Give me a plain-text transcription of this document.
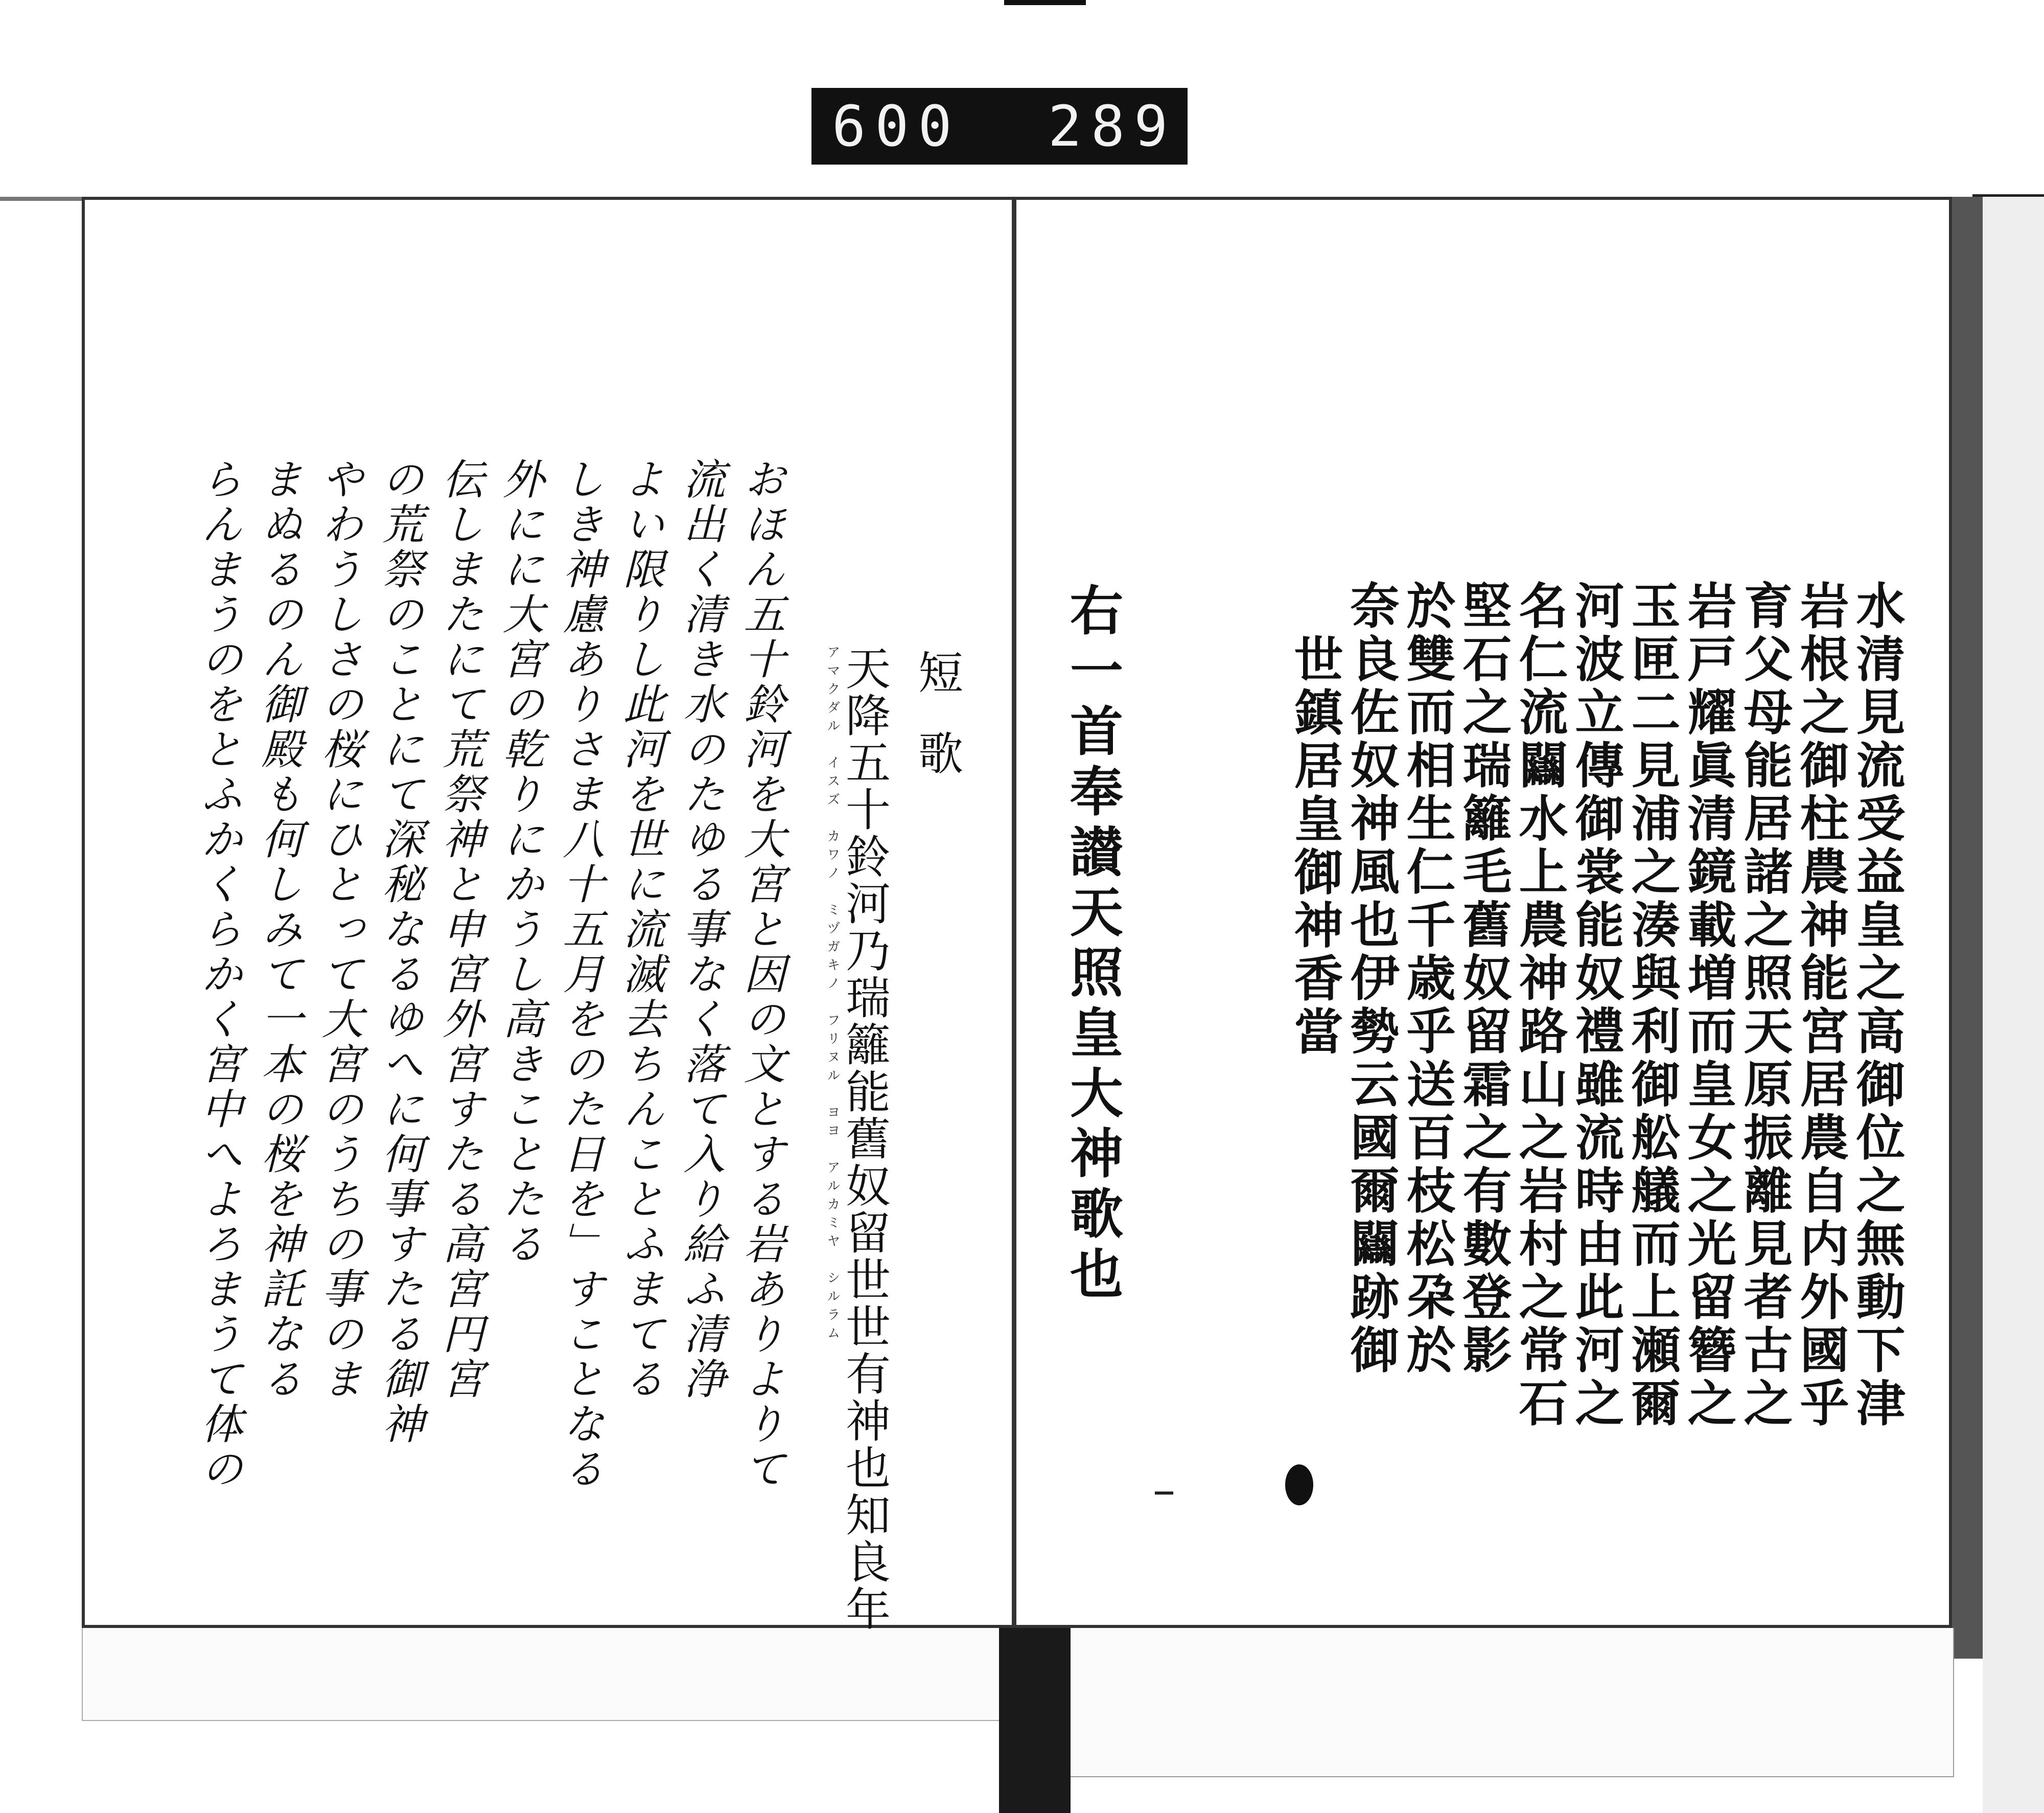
600 289
短歌
天降五十鈴河乃瑞籬能舊奴留世世有神也知良年
アマクダル　イスズ　カワノ　ミヅガキノ　フリヌル　ヨヨ　アルカミヤ　シルラム
おほん五十鈴河を大宮と因の文とする岩ありよりて
流出く清き水のたゆる事なく落て入り給ふ清浄
よい限りし此河を世に流滅去ちんことふまてる
しき神慮ありさま八十五月をのた日を」すことなる
外にに大宮の乾りにかうし高きことたる
伝しまたにて荒祭神と申宮外宮すたる高宮円宮
の荒祭のことにて深秘なるゆへに何事すたる御神
やわうしさの桜にひとって大宮のうちの事のま
まぬるのん御殿も何しみて一本の桜を神託なる
らんまうのをとふかくらかく宮中へよろまうて体の	水清見流受益皇之高御位之無動下津
岩根之御柱農神能宮居農自内外國乎
育父母能居諸之照天原振離見者古之
岩戸耀眞清鏡載増而皇女之光留簪之
玉匣二見浦之湊與利御舩艤而上瀬爾
河波立傳御裳能奴禮雖流時由此河之
名仁流𨷻水上農神路山之岩村之常石
堅石之瑞籬毛舊奴留霜之有數登影
於雙而相生仁千歳乎送百枝松朶於
奈良佐奴神風也伊勢云國爾𨷻跡御
世鎮居皇御神香當
右一首奉讃天照皇大神歌也
